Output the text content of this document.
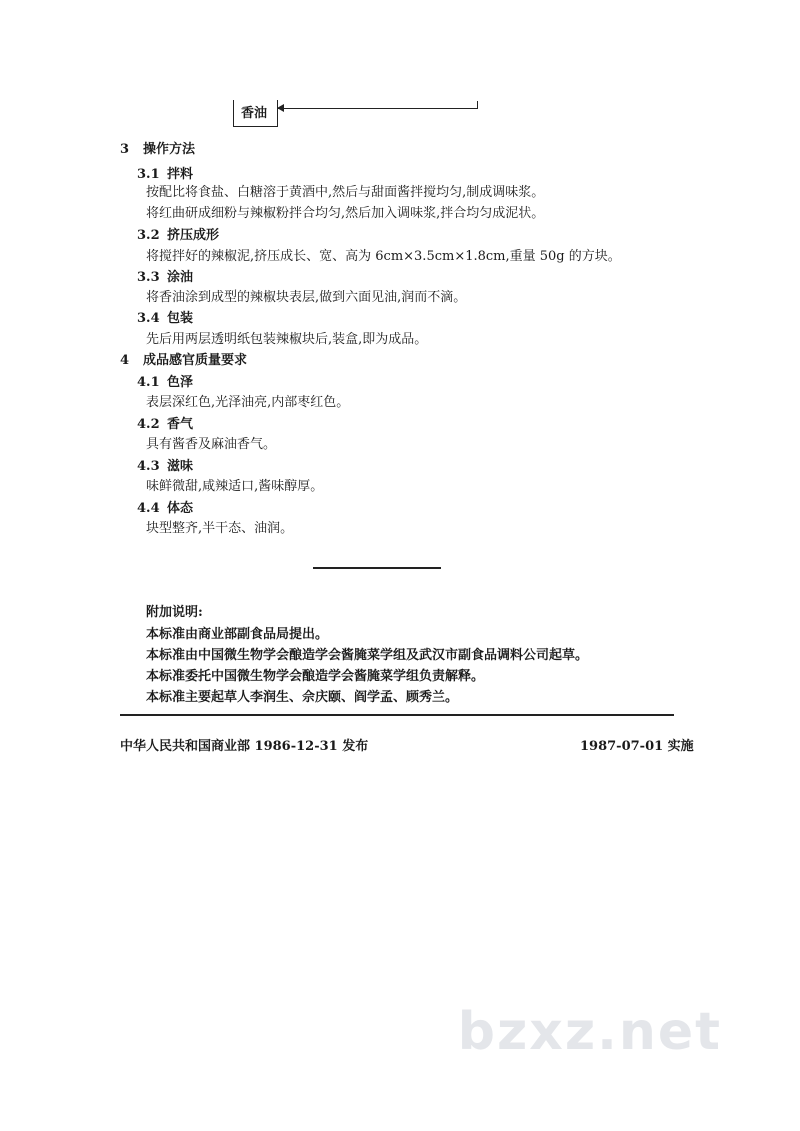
香油
3 操作方法
3.1 拌料
按配比将食盐、白糖溶于黄酒中,然后与甜面酱拌搅均匀,制成调味浆。
将红曲研成细粉与辣椒粉拌合均匀,然后加入调味浆,拌合均匀成泥状。
3.2 挤压成形
将搅拌好的辣椒泥,挤压成长、宽、高为 6cm×3.5cm×1.8cm,重量 50g 的方块。
3.3 涂油
将香油涂到成型的辣椒块表层,做到六面见油,润而不滴。
3.4 包装
先后用两层透明纸包装辣椒块后,装盒,即为成品。
4 成品感官质量要求
4.1 色泽
表层深红色,光泽油亮,内部枣红色。
4.2 香气
具有酱香及麻油香气。
4.3 滋味
味鲜微甜,咸辣适口,酱味醇厚。
4.4 体态
块型整齐,半干态、油润。
附加说明:
本标准由商业部副食品局提出。
本标准由中国微生物学会酿造学会酱腌菜学组及武汉市副食品调料公司起草。
本标准委托中国微生物学会酿造学会酱腌菜学组负责解释。
本标准主要起草人李润生、佘庆颐、阎学孟、顾秀兰。
中华人民共和国商业部 1986-12-31 发布	1987-07-01 实施
bzxz.net
